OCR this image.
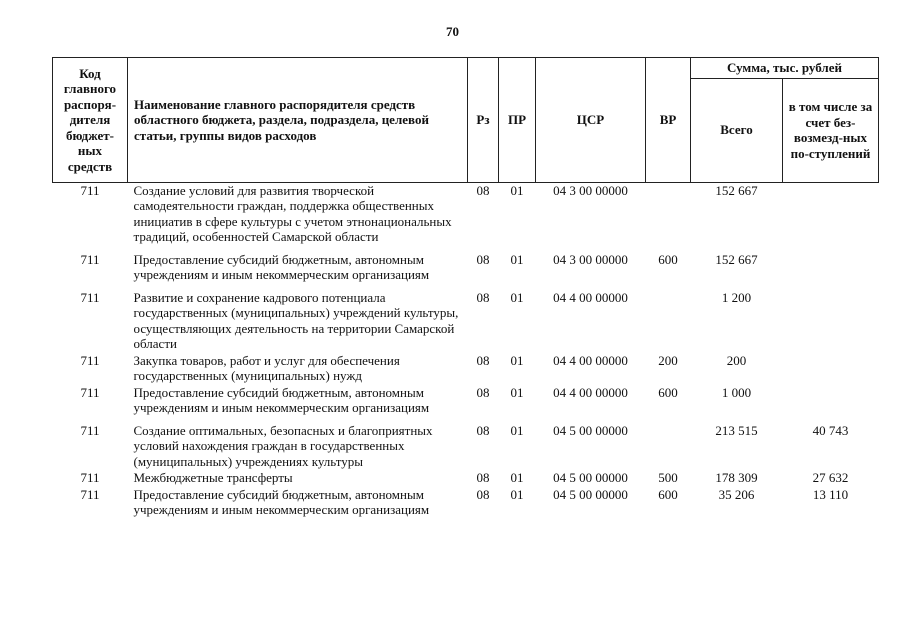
70
Код главного распоря-дителя бюджет-ных средств	Наименование главного распорядителя средств областного бюджета, раздела, подраздела, целевой статьи, группы видов расходов	Рз	ПР	ЦСР	ВР	Сумма, тыс. рублей	
						Всего	в том числе за счет без-возмезд-ных по-ступлений
711	Создание условий для развития творческой самодеятельности граждан, поддержка общественных инициатив в сфере культуры с учетом этнонациональных традиций, особенностей Самарской области	08	01	04 3 00 00000		152 667	
711	Предоставление субсидий бюджетным, автономным учреждениям и иным некоммерческим организациям	08	01	04 3 00 00000	600	152 667	
711	Развитие и сохранение кадрового потенциала государственных (муниципальных) учреждений культуры, осуществляющих деятельность на территории Самарской области	08	01	04 4 00 00000		1 200	
711	Закупка товаров, работ и услуг для обеспечения государственных (муниципальных) нужд	08	01	04 4 00 00000	200	200	
711	Предоставление субсидий бюджетным, автономным учреждениям и иным некоммерческим организациям	08	01	04 4 00 00000	600	1 000	
711	Создание оптимальных, безопасных и благоприятных условий нахождения граждан в государственных (муниципальных) учреждениях культуры	08	01	04 5 00 00000		213 515	40 743
711	Межбюджетные трансферты	08	01	04 5 00 00000	500	178 309	27 632
711	Предоставление субсидий бюджетным, автономным учреждениям и иным некоммерческим организациям	08	01	04 5 00 00000	600	35 206	13 110
